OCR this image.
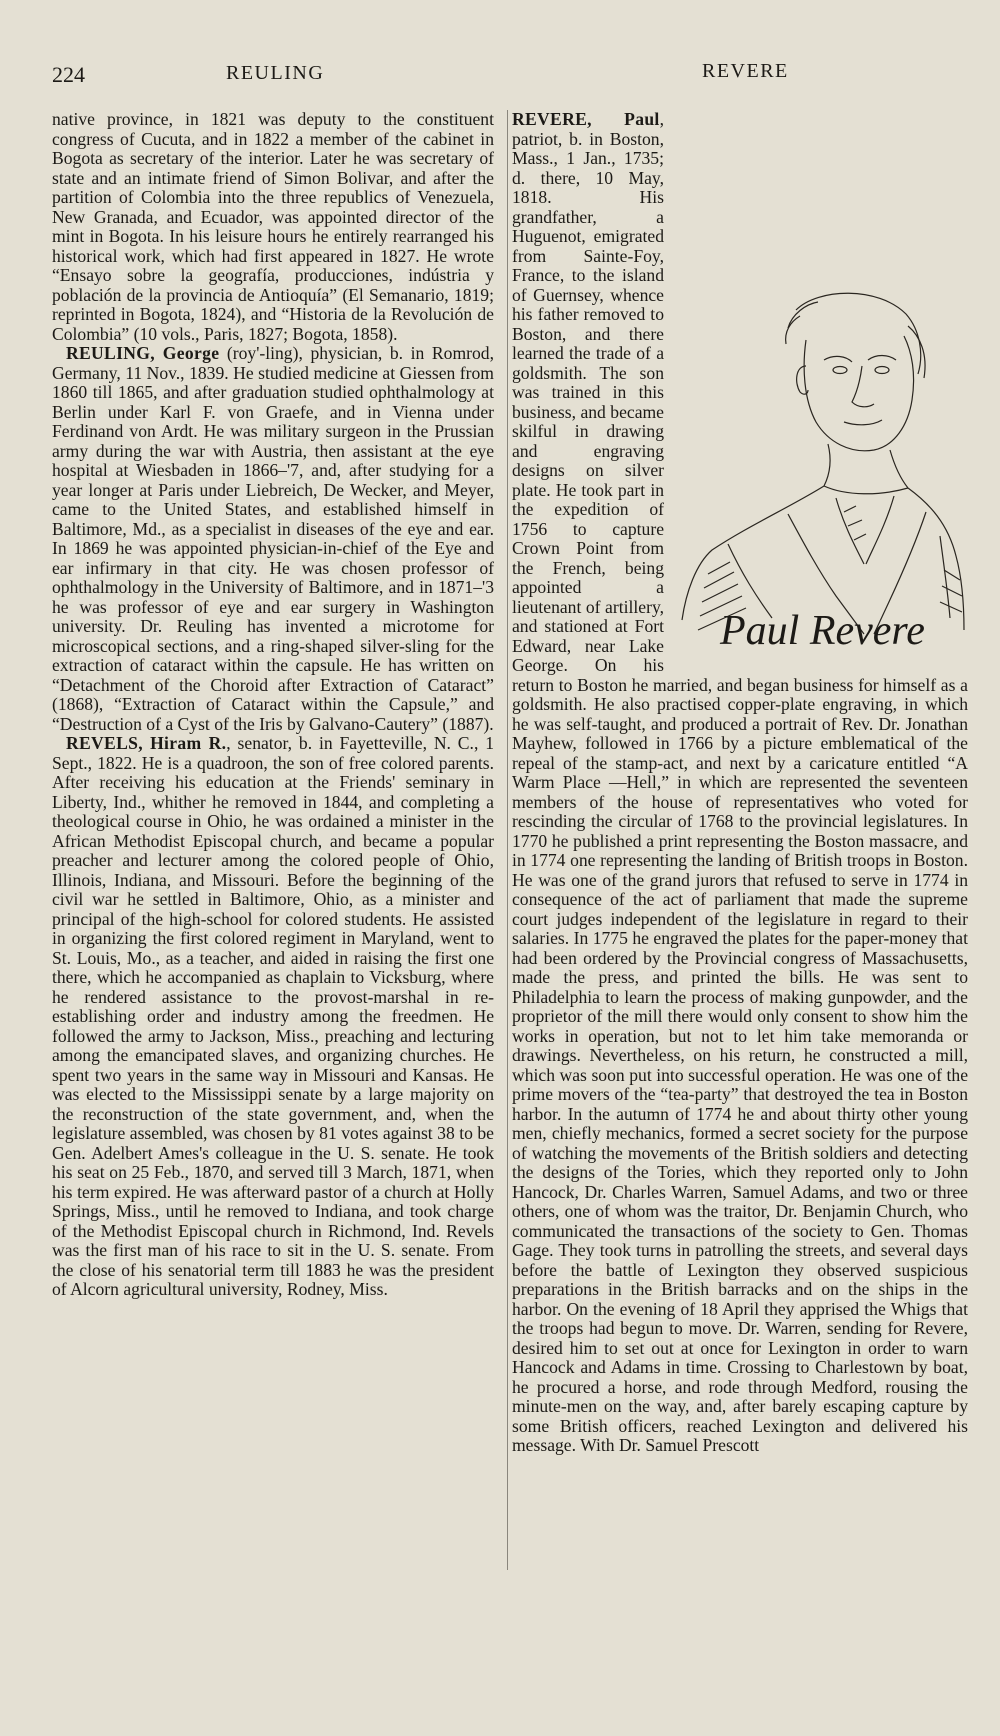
224	REULING	REVERE

native province, in 1821 was deputy to the constituent congress of Cucuta, and in 1822 a member of the cabinet in Bogota as secretary of the interior. Later he was secretary of state and an intimate friend of Simon Bolivar, and after the partition of Colombia into the three republics of Venezuela, New Granada, and Ecuador, was appointed director of the mint in Bogota. In his leisure hours he entirely rearranged his historical work, which had first appeared in 1827. He wrote “Ensayo sobre la geografía, producciones, indústria y población de la provincia de Antioquía” (El Semanario, 1819; reprinted in Bogota, 1824), and “Historia de la Revolución de Colombia” (10 vols., Paris, 1827; Bogota, 1858).

REULING, George (roy'-ling), physician, b. in Romrod, Germany, 11 Nov., 1839. He studied medicine at Giessen from 1860 till 1865, and after graduation studied ophthalmology at Berlin under Karl F. von Graefe, and in Vienna under Ferdinand von Ardt. He was military surgeon in the Prussian army during the war with Austria, then assistant at the eye hospital at Wiesbaden in 1866–'7, and, after studying for a year longer at Paris under Liebreich, De Wecker, and Meyer, came to the United States, and established himself in Baltimore, Md., as a specialist in diseases of the eye and ear. In 1869 he was appointed physician-in-chief of the Eye and ear infirmary in that city. He was chosen professor of ophthalmology in the University of Baltimore, and in 1871–'3 he was professor of eye and ear surgery in Washington university. Dr. Reuling has invented a microtome for microscopical sections, and a ring-shaped silver-sling for the extraction of cataract within the capsule. He has written on “Detachment of the Choroid after Extraction of Cataract” (1868), “Extraction of Cataract within the Capsule,” and “Destruction of a Cyst of the Iris by Galvano-Cautery” (1887).

REVELS, Hiram R., senator, b. in Fayetteville, N. C., 1 Sept., 1822. He is a quadroon, the son of free colored parents. After receiving his education at the Friends' seminary in Liberty, Ind., whither he removed in 1844, and completing a theological course in Ohio, he was ordained a minister in the African Methodist Episcopal church, and became a popular preacher and lecturer among the colored people of Ohio, Illinois, Indiana, and Missouri. Before the beginning of the civil war he settled in Baltimore, Ohio, as a minister and principal of the high-school for colored students. He assisted in organizing the first colored regiment in Maryland, went to St. Louis, Mo., as a teacher, and aided in raising the first one there, which he accompanied as chaplain to Vicksburg, where he rendered assistance to the provost-marshal in re-establishing order and industry among the freedmen. He followed the army to Jackson, Miss., preaching and lecturing among the emancipated slaves, and organizing churches. He spent two years in the same way in Missouri and Kansas. He was elected to the Mississippi senate by a large majority on the reconstruction of the state government, and, when the legislature assembled, was chosen by 81 votes against 38 to be Gen. Adelbert Ames's colleague in the U. S. senate. He took his seat on 25 Feb., 1870, and served till 3 March, 1871, when his term expired. He was afterward pastor of a church at Holly Springs, Miss., until he removed to Indiana, and took charge of the Methodist Episcopal church in Richmond, Ind. Revels was the first man of his race to sit in the U. S. senate. From the close of his senatorial term till 1883 he was the president of Alcorn agricultural university, Rodney, Miss.

REVERE, Paul, patriot, b. in Boston, Mass., 1 Jan., 1735; d. there, 10 May, 1818. His grandfather, a Huguenot, emigrated from Sainte-Foy, France, to the island of Guernsey, whence his father removed to Boston, and there learned the trade of a goldsmith. The son was trained in this business, and became skilful in drawing and engraving designs on silver plate. He took part in the expedition of 1756 to capture Crown Point from the French, being appointed a lieutenant of artillery, and stationed at Fort Edward, near Lake George. On his return to Boston he married, and began business for himself as a goldsmith. He also practised copper-plate engraving, in which he was self-taught, and produced a portrait of Rev. Dr. Jonathan Mayhew, followed in 1766 by a picture emblematical of the repeal of the stamp-act, and next by a caricature entitled “A Warm Place —Hell,” in which are represented the seventeen members of the house of representatives who voted for rescinding the circular of 1768 to the provincial legislatures. In 1770 he published a print representing the Boston massacre, and in 1774 one representing the landing of British troops in Boston. He was one of the grand jurors that refused to serve in 1774 in consequence of the act of parliament that made the supreme court judges independent of the legislature in regard to their salaries. In 1775 he engraved the plates for the paper-money that had been ordered by the Provincial congress of Massachusetts, made the press, and printed the bills. He was sent to Philadelphia to learn the process of making gunpowder, and the proprietor of the mill there would only consent to show him the works in operation, but not to let him take memoranda or drawings. Nevertheless, on his return, he constructed a mill, which was soon put into successful operation. He was one of the prime movers of the “tea-party” that destroyed the tea in Boston harbor. In the autumn of 1774 he and about thirty other young men, chiefly mechanics, formed a secret society for the purpose of watching the movements of the British soldiers and detecting the designs of the Tories, which they reported only to John Hancock, Dr. Charles Warren, Samuel Adams, and two or three others, one of whom was the traitor, Dr. Benjamin Church, who communicated the transactions of the society to Gen. Thomas Gage. They took turns in patrolling the streets, and several days before the battle of Lexington they observed suspicious preparations in the British barracks and on the ships in the harbor. On the evening of 18 April they apprised the Whigs that the troops had begun to move. Dr. Warren, sending for Revere, desired him to set out at once for Lexington in order to warn Hancock and Adams in time. Crossing to Charlestown by boat, he procured a horse, and rode through Medford, rousing the minute-men on the way, and, after barely escaping capture by some British officers, reached Lexington and delivered his message. With Dr. Samuel Prescott

Paul Revere
